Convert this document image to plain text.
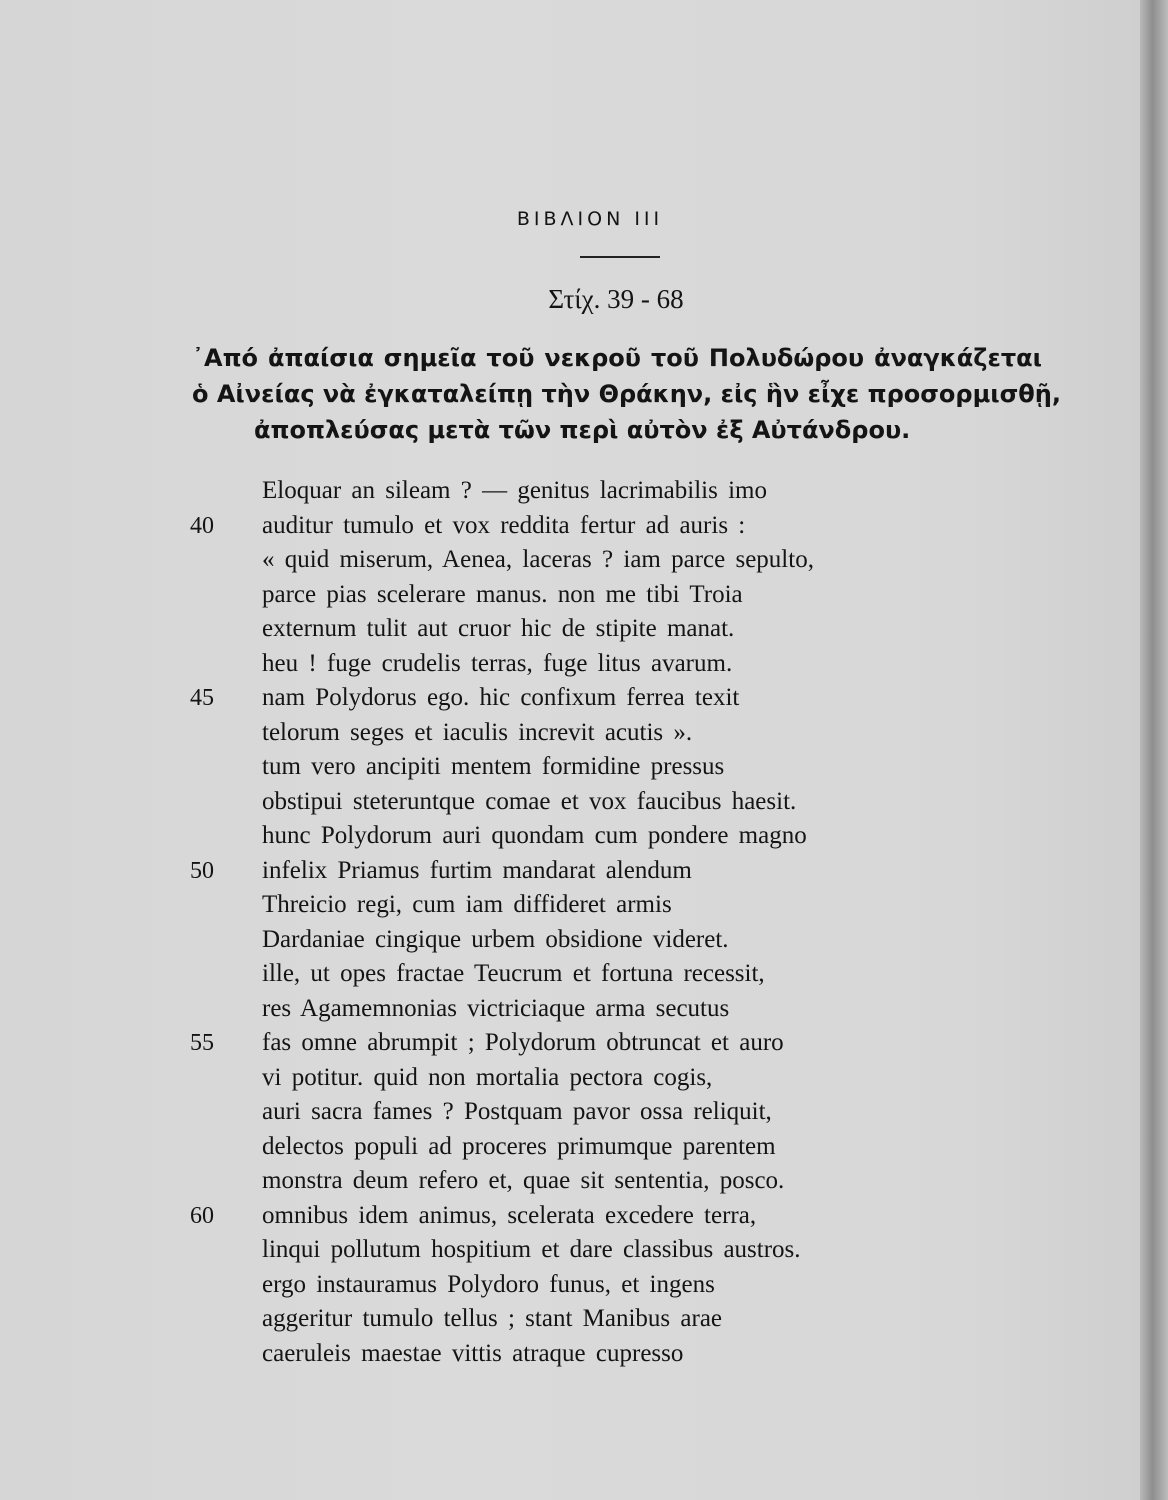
ΒΙΒΛΙΟΝ III
Στίχ. 39 - 68
᾿Από ἀπαίσια σημεῖα τοῦ νεκροῦ τοῦ Πολυδώρου ἀναγκάζεται
ὁ Αἰνείας νὰ ἐγκαταλείπῃ τὴν Θράκην, εἰς ἣν εἶχε προσορμισθῇ,
ἀποπλεύσας μετὰ τῶν περὶ αὐτὸν ἐξ Αὐτάνδρου.
Eloquar an sileam ? — genitus lacrimabilis imo
40 auditur tumulo et vox reddita fertur ad auris :
« quid miserum, Aenea, laceras ? iam parce sepulto,
parce pias scelerare manus. non me tibi Troia
externum tulit aut cruor hic de stipite manat.
heu ! fuge crudelis terras, fuge litus avarum.
45 nam Polydorus ego. hic confixum ferrea texit
telorum seges et iaculis increvit acutis ».
tum vero ancipiti mentem formidine pressus
obstipui steteruntque comae et vox faucibus haesit.
hunc Polydorum auri quondam cum pondere magno
50 infelix Priamus furtim mandarat alendum
Threicio regi, cum iam diffideret armis
Dardaniae cingique urbem obsidione videret.
ille, ut opes fractae Teucrum et fortuna recessit,
res Agamemnonias victriciaque arma secutus
55 fas omne abrumpit ; Polydorum obtruncat et auro
vi potitur. quid non mortalia pectora cogis,
auri sacra fames ? Postquam pavor ossa reliquit,
delectos populi ad proceres primumque parentem
monstra deum refero et, quae sit sententia, posco.
60 omnibus idem animus, scelerata excedere terra,
linqui pollutum hospitium et dare classibus austros.
ergo instauramus Polydoro funus, et ingens
aggeritur tumulo tellus ; stant Manibus arae
caeruleis maestae vittis atraque cupresso
